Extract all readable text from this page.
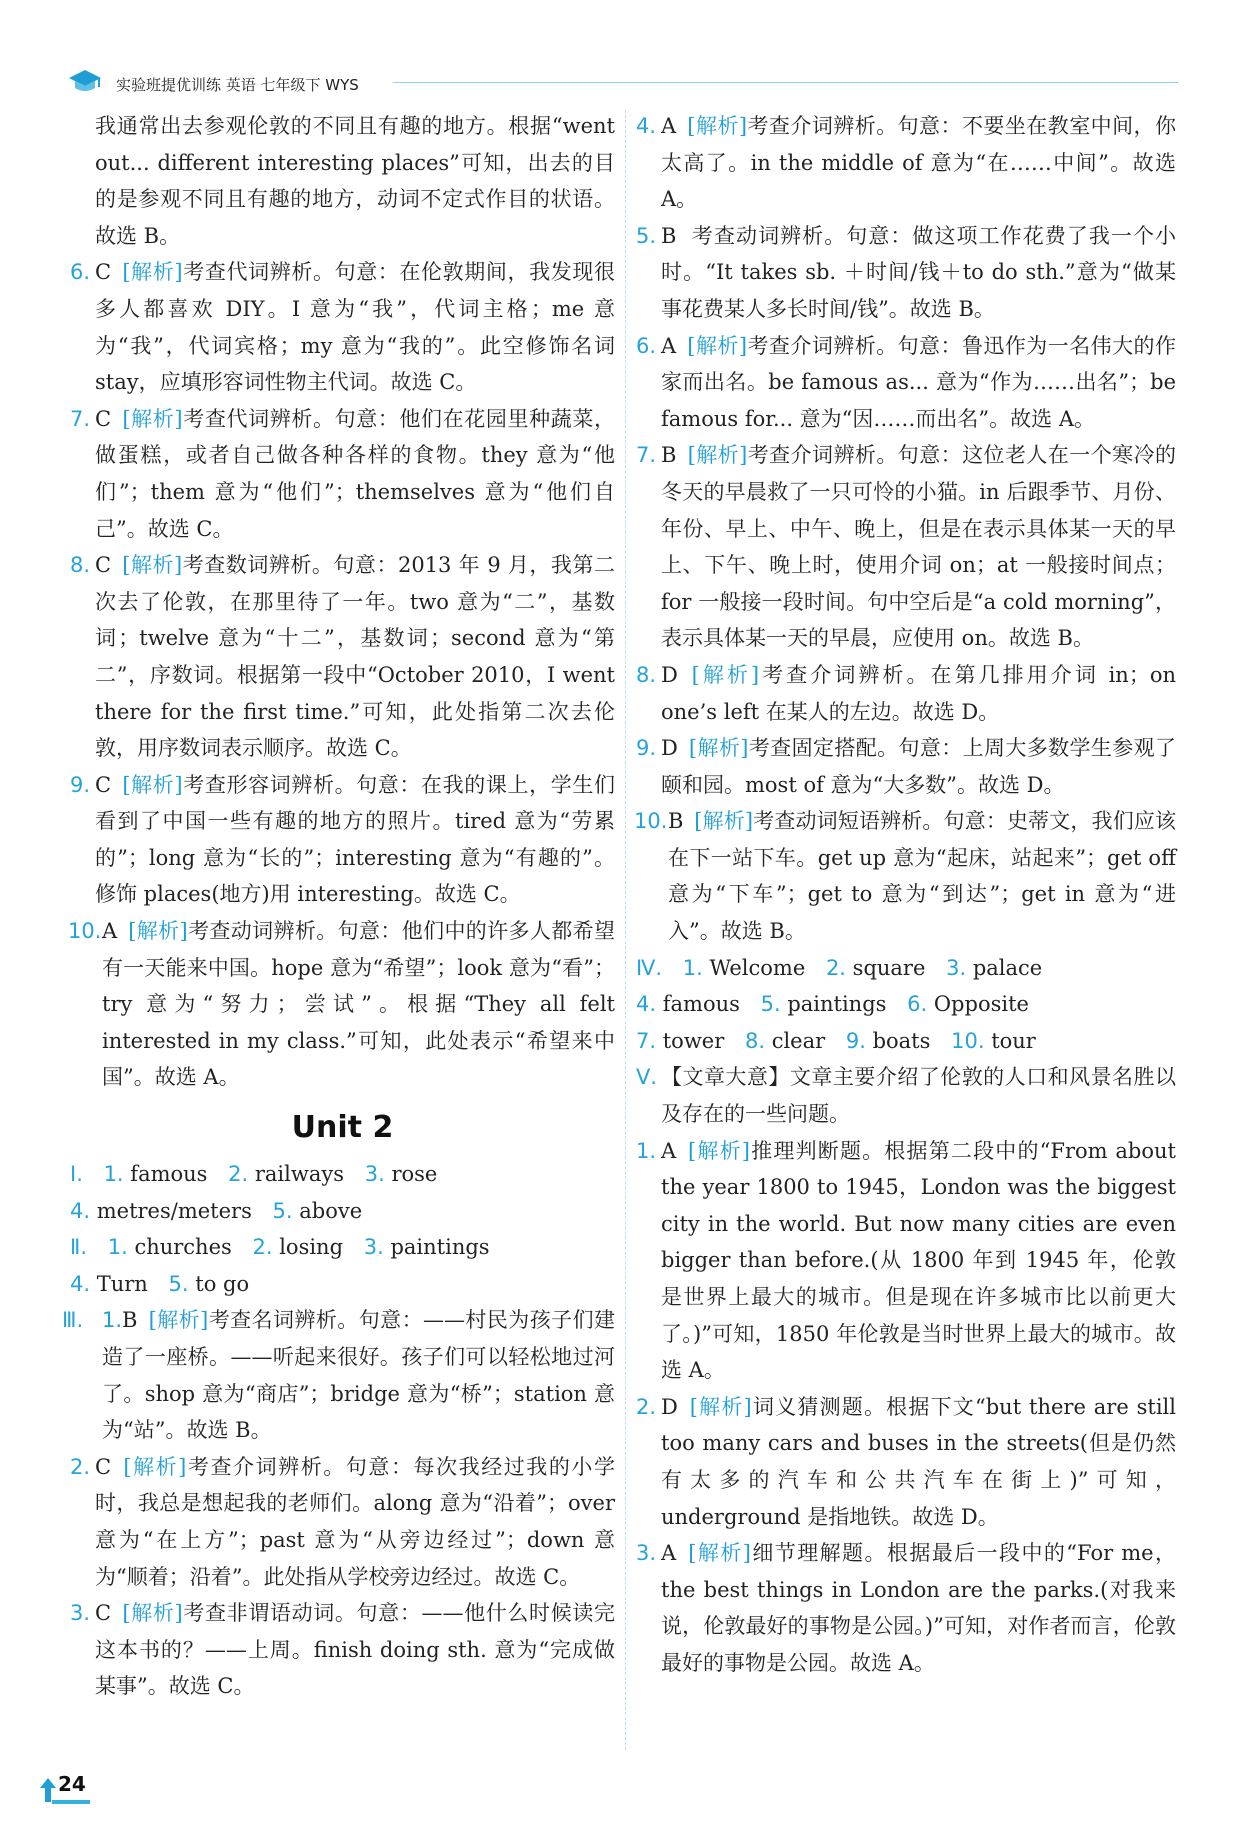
实验班提优训练 英语 七年级下 WYS

我通常出去参观伦敦的不同且有趣的地方。根据“went out... different interesting places”可知，出去的目的是参观不同且有趣的地方，动词不定式作目的状语。故选 B。

6. C [解析]考查代词辨析。句意：在伦敦期间，我发现很多人都喜欢 DIY。I 意为“我”，代词主格；me 意为“我”，代词宾格；my 意为“我的”。此空修饰名词 stay，应填形容词性物主代词。故选 C。

7. C [解析]考查代词辨析。句意：他们在花园里种蔬菜，做蛋糕，或者自己做各种各样的食物。they 意为“他们”；them 意为“他们”；themselves 意为“他们自己”。故选 C。

8. C [解析]考查数词辨析。句意：2013 年 9 月，我第二次去了伦敦，在那里待了一年。two 意为“二”，基数词；twelve 意为“十二”，基数词；second 意为“第二”，序数词。根据第一段中“October 2010，I went there for the first time.”可知，此处指第二次去伦敦，用序数词表示顺序。故选 C。

9. C [解析]考查形容词辨析。句意：在我的课上，学生们看到了中国一些有趣的地方的照片。tired 意为“劳累的”；long 意为“长的”；interesting 意为“有趣的”。修饰 places(地方)用 interesting。故选 C。

10. A [解析]考查动词辨析。句意：他们中的许多人都希望有一天能来中国。hope 意为“希望”；look 意为“看”；try 意为“努力；尝试”。根据“They all felt interested in my class.”可知，此处表示“希望来中国”。故选 A。

Unit 2

Ⅰ. 1. famous 2. railways 3. rose

4. metres/meters 5. above

Ⅱ. 1. churches 2. losing 3. paintings

4. Turn 5. to go

Ⅲ. 1.B [解析]考查名词辨析。句意：——村民为孩子们建造了一座桥。——听起来很好。孩子们可以轻松地过河了。shop 意为“商店”；bridge 意为“桥”；station 意为“站”。故选 B。

2. C [解析]考查介词辨析。句意：每次我经过我的小学时，我总是想起我的老师们。along 意为“沿着”；over 意为“在上方”；past 意为“从旁边经过”；down 意为“顺着；沿着”。此处指从学校旁边经过。故选 C。

3. C [解析]考查非谓语动词。句意：——他什么时候读完这本书的？——上周。finish doing sth. 意为“完成做某事”。故选 C。

4. A [解析]考查介词辨析。句意：不要坐在教室中间，你太高了。in the middle of 意为“在……中间”。故选 A。

5. B 考查动词辨析。句意：做这项工作花费了我一个小时。“It takes sb. ＋时间/钱＋to do sth.”意为“做某事花费某人多长时间/钱”。故选 B。

6. A [解析]考查介词辨析。句意：鲁迅作为一名伟大的作家而出名。be famous as... 意为“作为……出名”；be famous for... 意为“因……而出名”。故选 A。

7. B [解析]考查介词辨析。句意：这位老人在一个寒冷的冬天的早晨救了一只可怜的小猫。in 后跟季节、月份、年份、早上、中午、晚上，但是在表示具体某一天的早上、下午、晚上时，使用介词 on；at 一般接时间点；for 一般接一段时间。句中空后是“a cold morning”，表示具体某一天的早晨，应使用 on。故选 B。

8. D [解析]考查介词辨析。在第几排用介词 in；on one’s left 在某人的左边。故选 D。

9. D [解析]考查固定搭配。句意：上周大多数学生参观了颐和园。most of 意为“大多数”。故选 D。

10. B [解析]考查动词短语辨析。句意：史蒂文，我们应该在下一站下车。get up 意为“起床，站起来”；get off 意为“下车”；get to 意为“到达”；get in 意为“进入”。故选 B。

Ⅳ. 1. Welcome 2. square 3. palace

4. famous 5. paintings 6. Opposite

7. tower 8. clear 9. boats 10. tour

Ⅴ. 【文章大意】文章主要介绍了伦敦的人口和风景名胜以及存在的一些问题。

1. A [解析]推理判断题。根据第二段中的“From about the year 1800 to 1945，London was the biggest city in the world. But now many cities are even bigger than before.(从 1800 年到 1945 年，伦敦是世界上最大的城市。但是现在许多城市比以前更大了。)”可知，1850 年伦敦是当时世界上最大的城市。故选 A。

2. D [解析]词义猜测题。根据下文“but there are still too many cars and buses in the streets(但是仍然有太多的汽车和公共汽车在街上)”可知，underground 是指地铁。故选 D。

3. A [解析]细节理解题。根据最后一段中的“For me，the best things in London are the parks.(对我来说，伦敦最好的事物是公园。)”可知，对作者而言，伦敦最好的事物是公园。故选 A。

24
